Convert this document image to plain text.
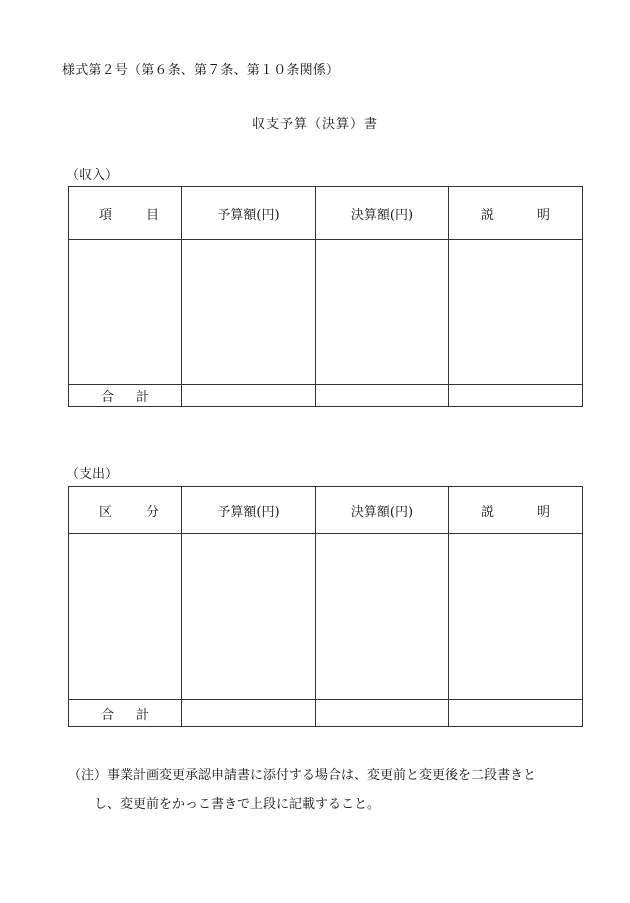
様式第２号（第６条、第７条、第１０条関係）
収支予算（決算）書
（収入）
項 目	予算額(円)	決算額(円)	説 明

合 計			

（支出）
区 分	予算額(円)	決算額(円)	説 明

合 計			

（注）事業計画変更承認申請書に添付する場合は、変更前と変更後を二段書きと
し、変更前をかっこ書きで上段に記載すること。
